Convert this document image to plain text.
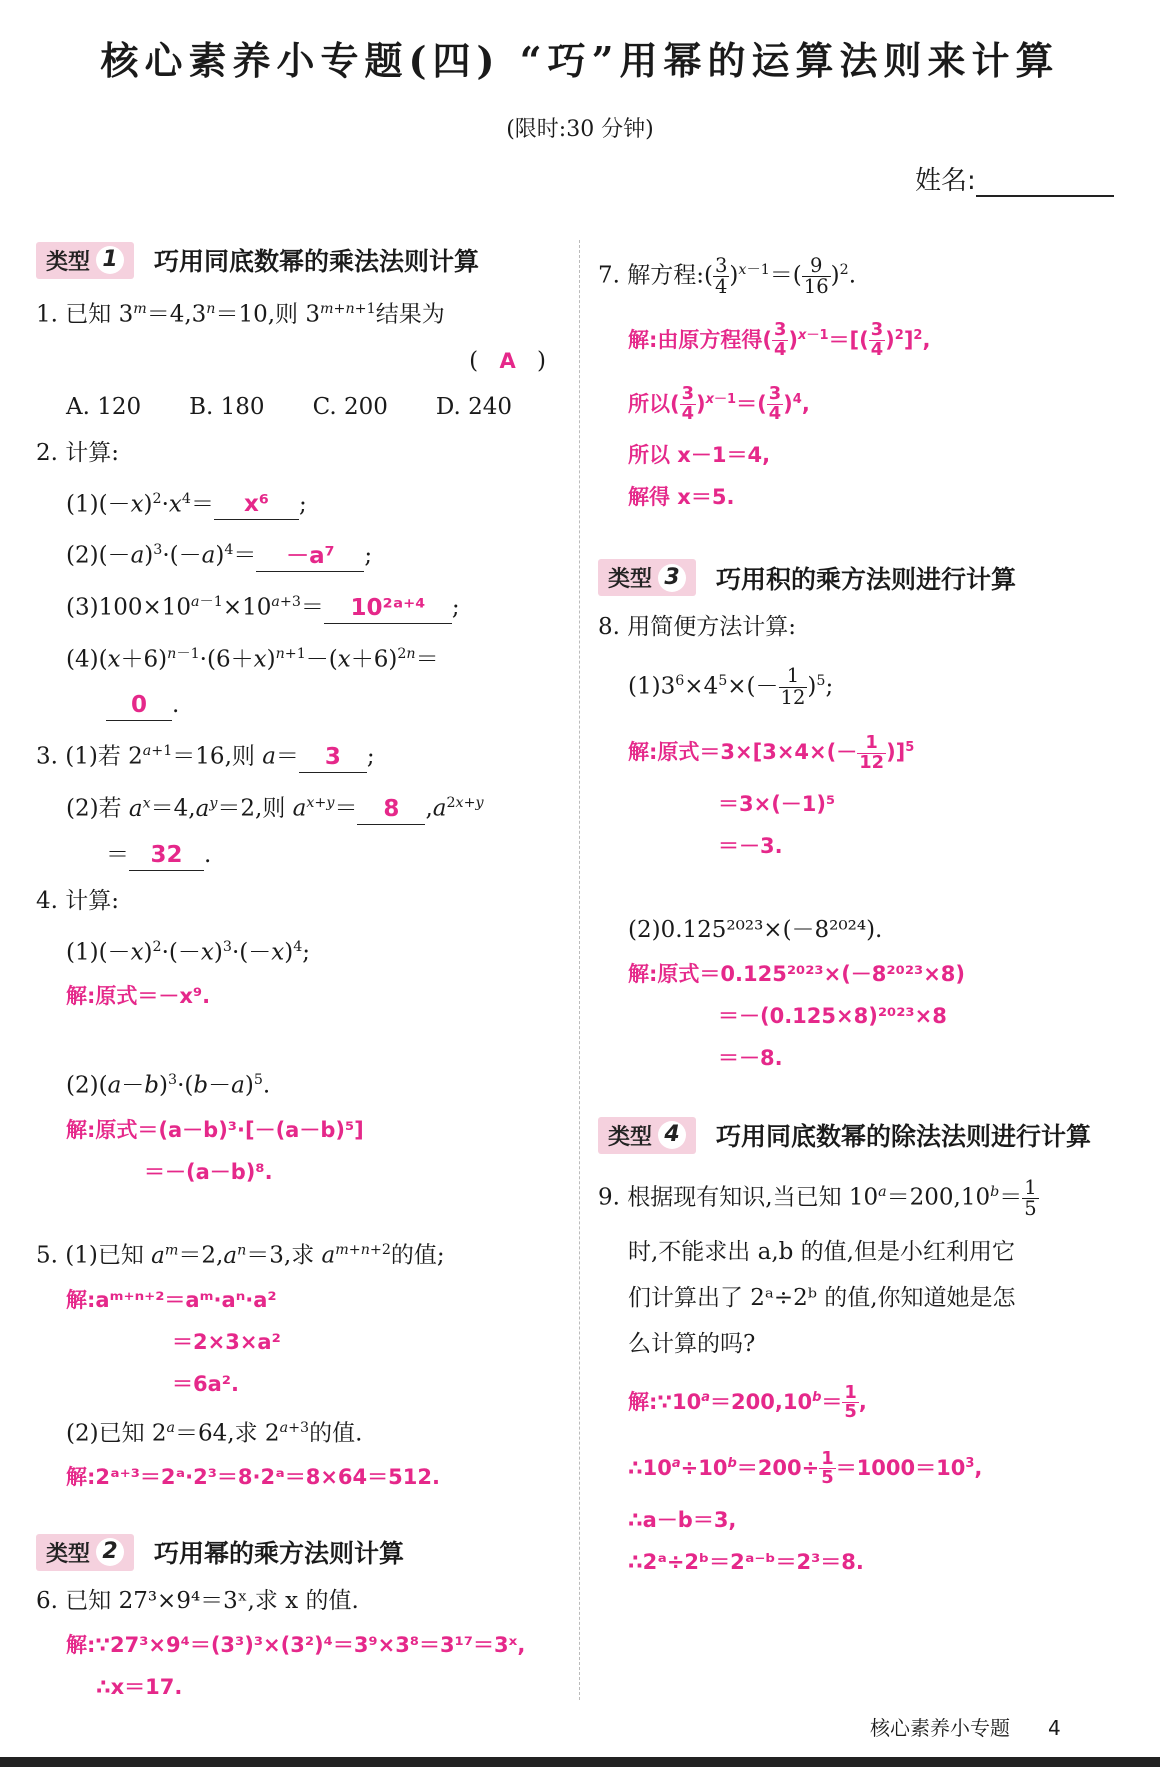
核心素养小专题(四) “巧”用幂的运算法则来计算
(限时:30 分钟)
姓名:
类型 1 巧用同底数幂的乘法法则计算
1. 已知 $3^m=4,3^n=10$,则 $3^{m+n+1}$结果为
( A )
A. 120 B. 180 C. 200 D. 240
2. 计算:
$(1)(-x)^2\cdot x^4= x^6$ ;
$(2)(-a)^3\cdot(-a)^4= -a^7$ ;
$(3)100\times 10^{a-1}\times 10^{a+3}=$ 10²ᵃ⁺⁴ ;
$(4)(x+6)^{n-1}\cdot(6+x)^{n+1}-(x+6)^{2n}=$
0 .
3. (1)若 $2^{a+1}=16$,则 a＝ 3 ;
(2)若 $a^x=4,a^y=2$,则 $a^{x+y}= 8$ $,a^{2x+y}$
＝ 32 .
4. 计算:
$(1)(-x)^2\cdot(-x)^3\cdot(-x)^4$;
解:原式＝－x⁹.
$(2)(a-b)^3\cdot(b-a)^5$.
解:原式＝(a－b)³·[－(a－b)⁵]
＝－(a－b)⁸.
5. (1)已知 $a^m=2,a^n=3$,求 $a^{m+n+2}$的值;
解:aᵐ⁺ⁿ⁺²＝aᵐ·aⁿ·a²
＝2×3×a²
＝6a².
(2)已知 $2^a=64$,求 $2^{a+3}$的值.
解:2ᵃ⁺³＝2ᵃ·2³＝8·2ᵃ＝8×64＝512.
类型 2 巧用幂的乘方法则计算
6. 已知 27³×9⁴＝3ˣ,求 x 的值.
解:∵27³×9⁴＝(3³)³×(3²)⁴＝3⁹×3⁸＝3¹⁷＝3ˣ,
∴x＝17.
7. 解方程:( $\frac{3}{4} )^{x-1}=( \frac{9}{16} )^2$.
解:由原方程得( $\frac{3}{4} )^{x-1}=[( \frac{3}{4} )^2]^2$,
所以( $\frac{3}{4} )^{x-1}=( \frac{3}{4} )^4$,
所以 x－1＝4,
解得 x＝5.
类型 3 巧用积的乘方法则进行计算
8. 用简便方法计算:
$(1)3^6\times 4^5\times(- \frac{1}{12} )^5$;
解:原式$=3\times[3\times 4\times(- \frac{1}{12} )]^5$
＝3×(－1)⁵
＝－3.
(2)0.125²⁰²³×(－8²⁰²⁴).
解:原式＝0.125²⁰²³×(－8²⁰²³×8)
＝－(0.125×8)²⁰²³×8
＝－8.
类型 4 巧用同底数幂的除法法则进行计算
9. 根据现有知识,当已知 $10^a=200,10^b= \frac{1}{5}$
时,不能求出 a,b 的值,但是小红利用它
们计算出了 2ᵃ÷2ᵇ 的值,你知道她是怎
么计算的吗?
解$:\because 10^a=200,10^b= \frac{1}{5}$ ,
$\therefore 10^a\div 10^b=200\div \frac{1}{5} =1000=10^3$,
∴a－b＝3,
∴2ᵃ÷2ᵇ＝2ᵃ⁻ᵇ＝2³＝8.
核心素养小专题 4
